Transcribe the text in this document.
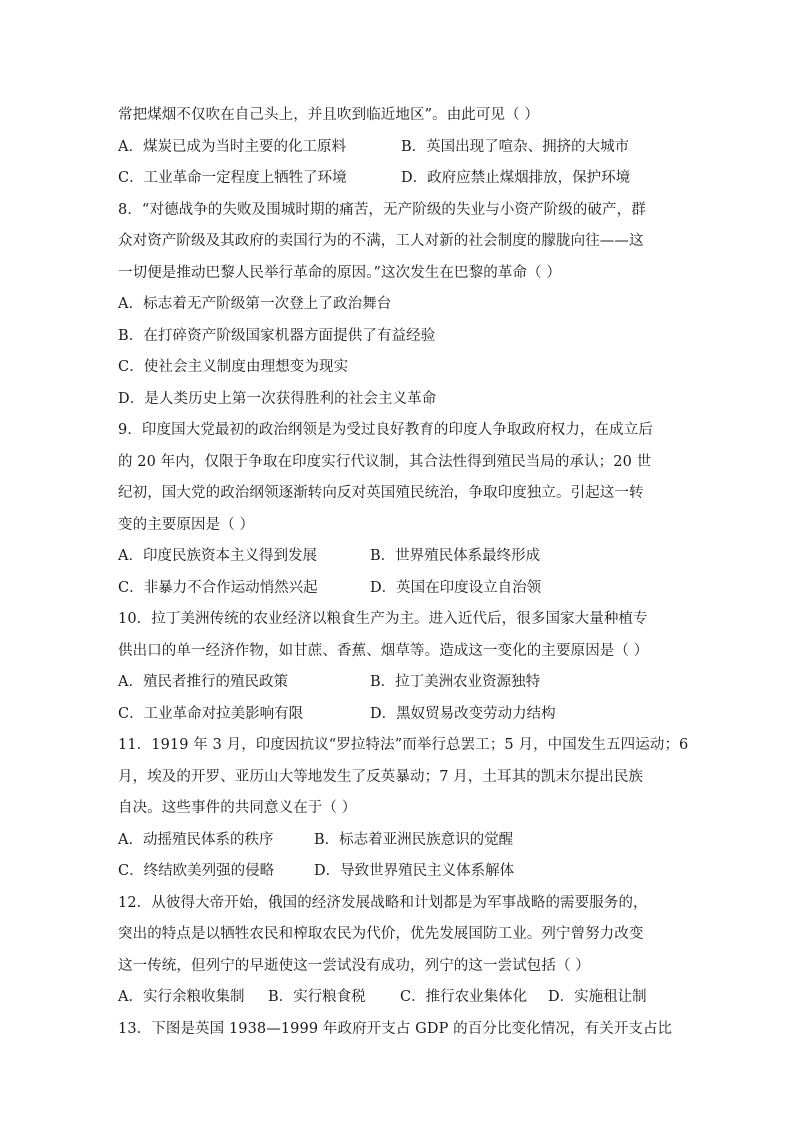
常把煤烟不仅吹在自己头上，并且吹到临近地区”。由此可见（ ）
A．煤炭已成为当时主要的化工原料	B．英国出现了喧杂、拥挤的大城市
C．工业革命一定程度上牺牲了环境	D．政府应禁止煤烟排放，保护环境
8．“对德战争的失败及围城时期的痛苦，无产阶级的失业与小资产阶级的破产，群
众对资产阶级及其政府的卖国行为的不满，工人对新的社会制度的朦胧向往——这
一切便是推动巴黎人民举行革命的原因。”这次发生在巴黎的革命（ ）
A．标志着无产阶级第一次登上了政治舞台
B．在打碎资产阶级国家机器方面提供了有益经验
C．使社会主义制度由理想变为现实
D．是人类历史上第一次获得胜利的社会主义革命
9．印度国大党最初的政治纲领是为受过良好教育的印度人争取政府权力，在成立后
的 20 年内，仅限于争取在印度实行代议制，其合法性得到殖民当局的承认；20 世
纪初，国大党的政治纲领逐渐转向反对英国殖民统治，争取印度独立。引起这一转
变的主要原因是（ ）
A．印度民族资本主义得到发展	B．世界殖民体系最终形成
C．非暴力不合作运动悄然兴起	D．英国在印度设立自治领
10．拉丁美洲传统的农业经济以粮食生产为主。进入近代后，很多国家大量种植专
供出口的单一经济作物，如甘蔗、香蕉、烟草等。造成这一变化的主要原因是（ ）
A．殖民者推行的殖民政策	B．拉丁美洲农业资源独特
C．工业革命对拉美影响有限	D．黑奴贸易改变劳动力结构
11．1919 年 3 月，印度因抗议“罗拉特法”而举行总罢工；5 月，中国发生五四运动；6
月，埃及的开罗、亚历山大等地发生了反英暴动；7 月，土耳其的凯末尔提出民族
自决。这些事件的共同意义在于（ ）
A．动摇殖民体系的秩序	B．标志着亚洲民族意识的觉醒
C．终结欧美列强的侵略	D．导致世界殖民主义体系解体
12．从彼得大帝开始，俄国的经济发展战略和计划都是为军事战略的需要服务的，
突出的特点是以牺牲农民和榨取农民为代价，优先发展国防工业。列宁曾努力改变
这一传统，但列宁的早逝使这一尝试没有成功，列宁的这一尝试包括（ ）
A．实行余粮收集制 B．实行粮食税 C．推行农业集体化 D．实施租让制
13．下图是英国 1938—1999 年政府开支占 GDP 的百分比变化情况，有关开支占比
